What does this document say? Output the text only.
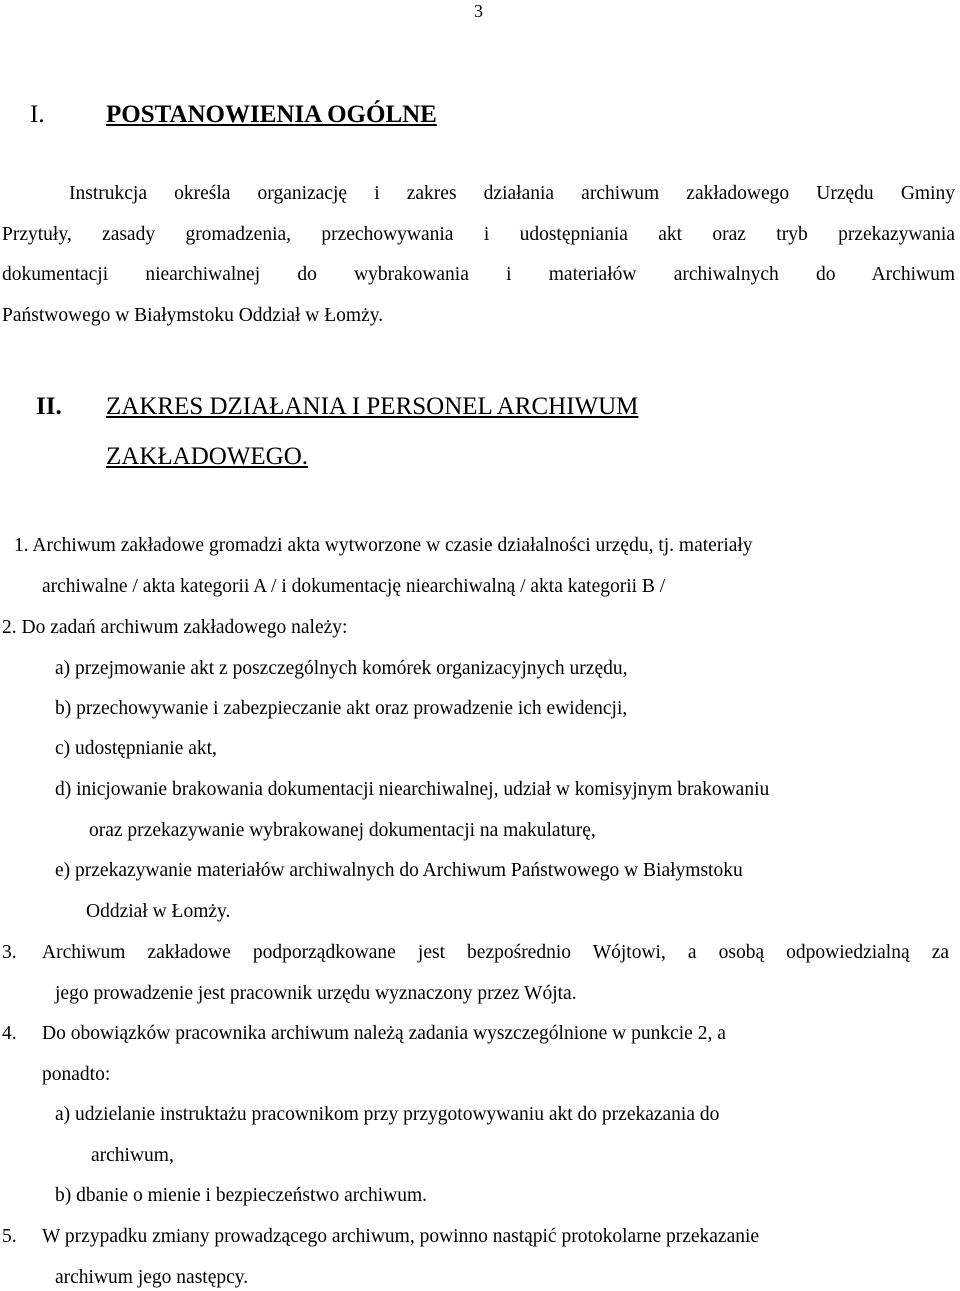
3
I. POSTANOWIENIA OGÓLNE
Instrukcja określa organizację i zakres działania archiwum zakładowego Urzędu Gminy
Przytuły, zasady gromadzenia, przechowywania i udostępniania akt oraz tryb przekazywania
dokumentacji niearchiwalnej do wybrakowania i materiałów archiwalnych do Archiwum
Państwowego w Białymstoku Oddział w Łomży.
II. ZAKRES DZIAŁANIA I PERSONEL ARCHIWUM
ZAKŁADOWEGO.
1. Archiwum zakładowe gromadzi akta wytworzone w czasie działalności urzędu, tj. materiały
archiwalne / akta kategorii A / i dokumentację niearchiwalną / akta kategorii B /
2. Do zadań archiwum zakładowego należy:
a) przejmowanie akt z poszczególnych komórek organizacyjnych urzędu,
b) przechowywanie i zabezpieczanie akt oraz prowadzenie ich ewidencji,
c) udostępnianie akt,
d) inicjowanie brakowania dokumentacji niearchiwalnej, udział w komisyjnym brakowaniu
oraz przekazywanie wybrakowanej dokumentacji na makulaturę,
e) przekazywanie materiałów archiwalnych do Archiwum Państwowego w Białymstoku
Oddział w Łomży.
3. Archiwum zakładowe podporządkowane jest bezpośrednio Wójtowi, a osobą odpowiedzialną za
jego prowadzenie jest pracownik urzędu wyznaczony przez Wójta.
4. Do obowiązków pracownika archiwum należą zadania wyszczególnione w punkcie 2, a
ponadto:
a) udzielanie instruktażu pracownikom przy przygotowywaniu akt do przekazania do
archiwum,
b) dbanie o mienie i bezpieczeństwo archiwum.
5. W przypadku zmiany prowadzącego archiwum, powinno nastąpić protokolarne przekazanie
archiwum jego następcy.
